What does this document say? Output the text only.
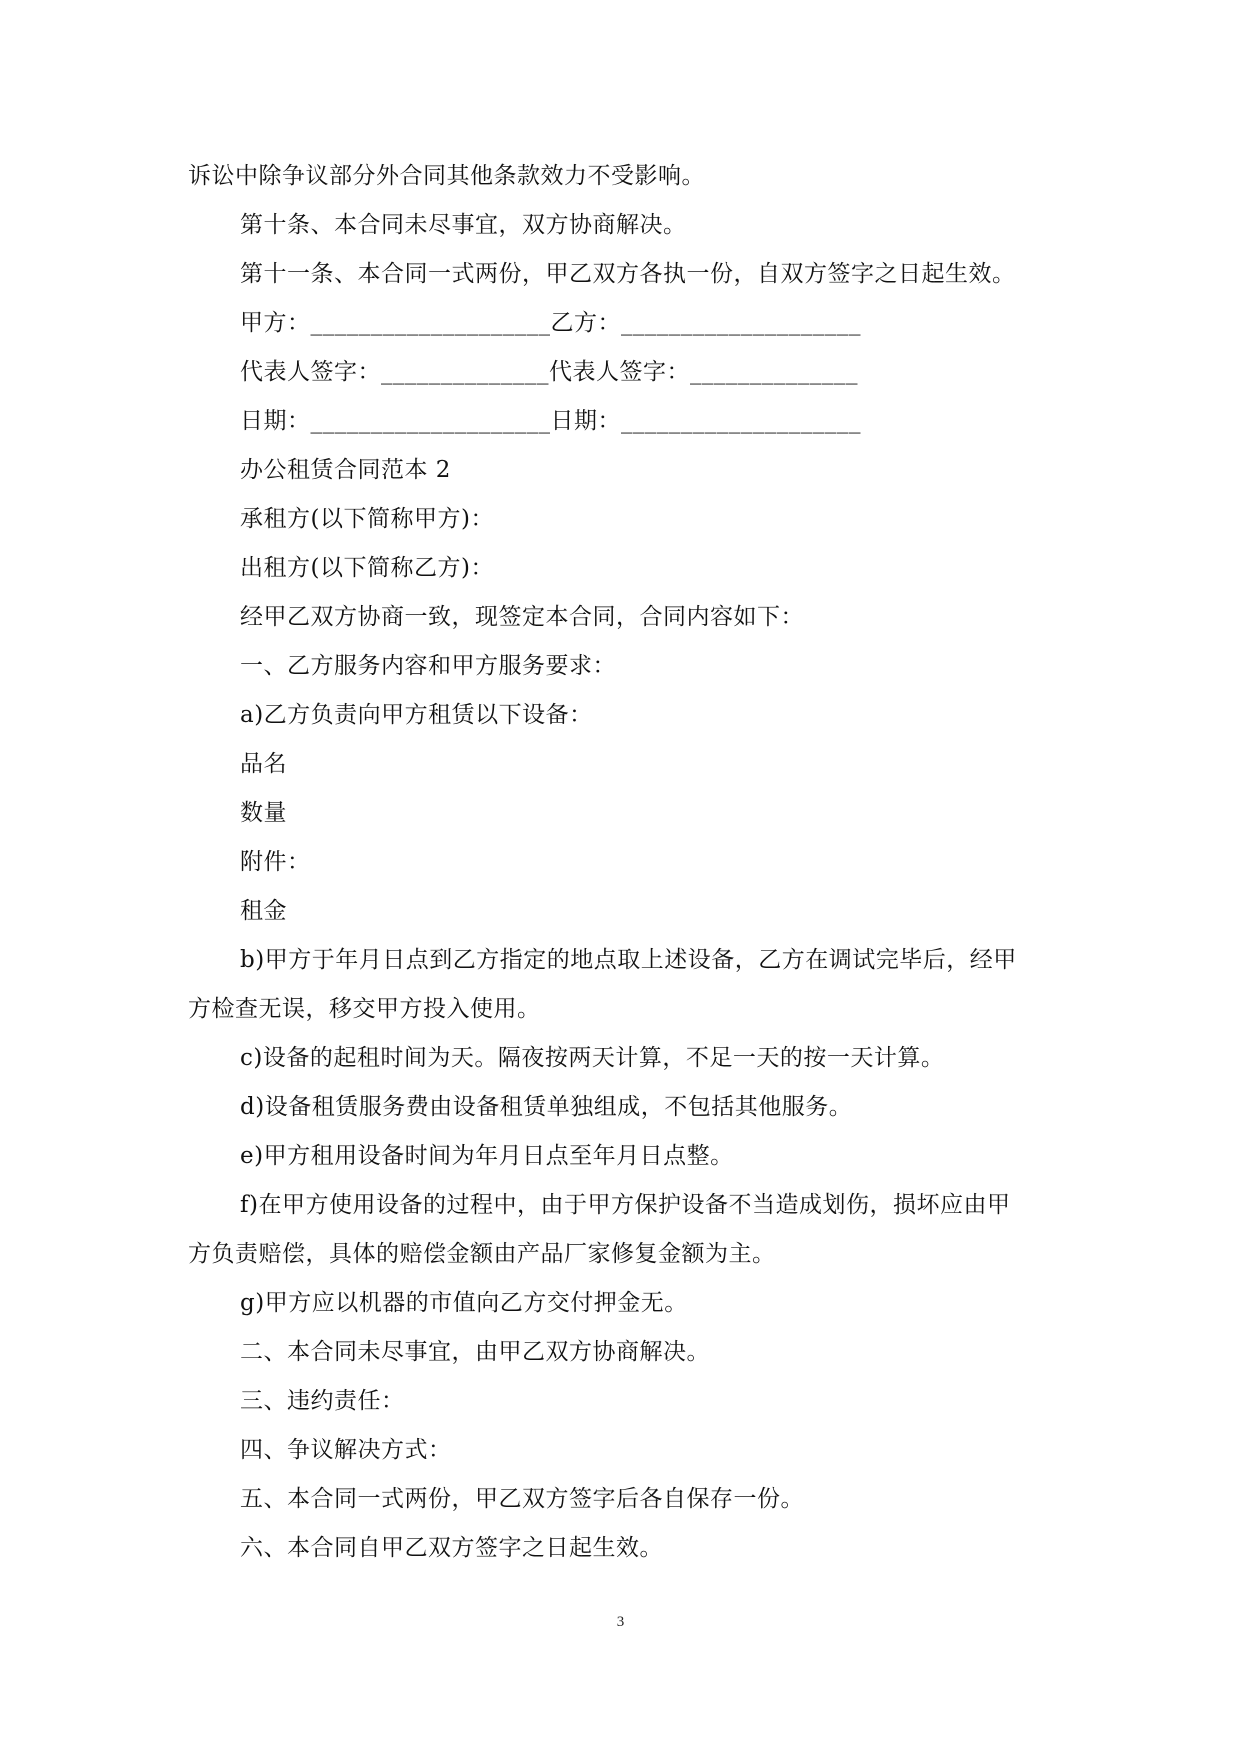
诉讼中除争议部分外合同其他条款效力不受影响。
第十条、本合同未尽事宜，双方协商解决。
第十一条、本合同一式两份，甲乙双方各执一份，自双方签字之日起生效。
甲方：____________________ 乙方：____________________
代表人签字：______________ 代表人签字：______________
日期：____________________ 日期：____________________
办公租赁合同范本 2
承租方(以下简称甲方)：
出租方(以下简称乙方)：
经甲乙双方协商一致，现签定本合同，合同内容如下：
一、乙方服务内容和甲方服务要求：
a)乙方负责向甲方租赁以下设备：
品名
数量
附件：
租金
b)甲方于年月日点到乙方指定的地点取上述设备，乙方在调试完毕后，经甲
方检查无误，移交甲方投入使用。
c)设备的起租时间为天。隔夜按两天计算，不足一天的按一天计算。
d)设备租赁服务费由设备租赁单独组成，不包括其他服务。
e)甲方租用设备时间为年月日点至年月日点整。
f)在甲方使用设备的过程中，由于甲方保护设备不当造成划伤，损坏应由甲
方负责赔偿，具体的赔偿金额由产品厂家修复金额为主。
g)甲方应以机器的市值向乙方交付押金无。
二、本合同未尽事宜，由甲乙双方协商解决。
三、违约责任：
四、争议解决方式：
五、本合同一式两份，甲乙双方签字后各自保存一份。
六、本合同自甲乙双方签字之日起生效。
3
